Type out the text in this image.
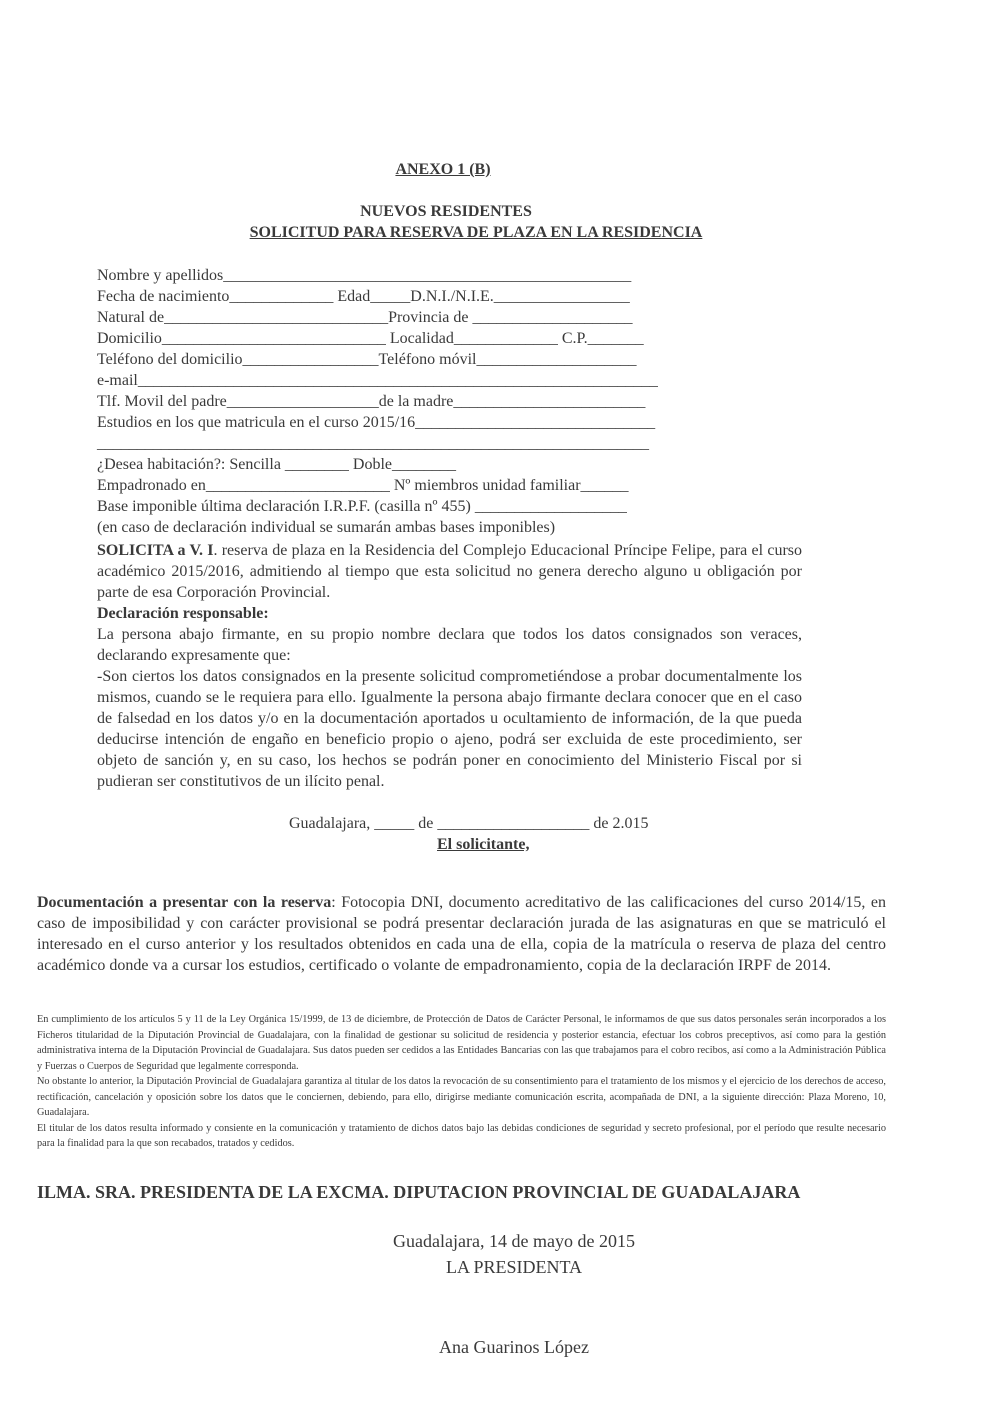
ANEXO 1 (B)

NUEVOS RESIDENTES

SOLICITUD PARA RESERVA DE PLAZA EN LA RESIDENCIA

Nombre y apellidos___________________________________________________

Fecha de nacimiento_____________ Edad_____D.N.I./N.I.E._________________

Natural de____________________________Provincia de ____________________

Domicilio____________________________ Localidad_____________ C.P._______

Teléfono del domicilio_________________Teléfono móvil____________________

e-mail_________________________________________________________________

Tlf. Movil del padre___________________de la madre________________________

Estudios en los que matricula en el curso 2015/16______________________________

_____________________________________________________________________

¿Desea habitación?: Sencilla ________ Doble________

Empadronado en_______________________ Nº miembros unidad familiar______

Base imponible última declaración I.R.P.F. (casilla nº 455) ___________________

(en caso de declaración individual se sumarán ambas bases imponibles)

SOLICITA a V. I. reserva de plaza en la Residencia del Complejo Educacional Príncipe Felipe, para el curso académico 2015/2016, admitiendo al tiempo que esta solicitud no genera derecho alguno u obligación por parte de esa Corporación Provincial.

Declaración responsable:

La persona abajo firmante, en su propio nombre declara que todos los datos consignados son veraces, declarando expresamente que:

-Son ciertos los datos consignados en la presente solicitud comprometiéndose a probar documentalmente los mismos, cuando se le requiera para ello. Igualmente la persona abajo firmante declara conocer que en el caso de falsedad en los datos y/o en la documentación aportados u ocultamiento de información, de la que pueda deducirse intención de engaño en beneficio propio o ajeno, podrá ser excluida de este procedimiento, ser objeto de sanción y, en su caso, los hechos se podrán poner en conocimiento del Ministerio Fiscal por si pudieran ser constitutivos de un ilícito penal.

Guadalajara, _____ de ___________________ de 2.015

El solicitante,

Documentación a presentar con la reserva: Fotocopia DNI, documento acreditativo de las calificaciones del curso 2014/15, en caso de imposibilidad y con carácter provisional se podrá presentar declaración jurada de las asignaturas en que se matriculó el interesado en el curso anterior y los resultados obtenidos en cada una de ella, copia de la matrícula o reserva de plaza del centro académico donde va a cursar los estudios, certificado o volante de empadronamiento, copia de la declaración IRPF de 2014.

En cumplimiento de los artículos 5 y 11 de la Ley Orgánica 15/1999, de 13 de diciembre, de Protección de Datos de Carácter Personal, le informamos de que sus datos personales serán incorporados a los Ficheros titularidad de la Diputación Provincial de Guadalajara, con la finalidad de gestionar su solicitud de residencia y posterior estancia, efectuar los cobros preceptivos, así como para la gestión administrativa interna de la Diputación Provincial de Guadalajara. Sus datos pueden ser cedidos a las Entidades Bancarias con las que trabajamos para el cobro recibos, así como a la Administración Pública y Fuerzas o Cuerpos de Seguridad que legalmente corresponda.
No obstante lo anterior, la Diputación Provincial de Guadalajara garantiza al titular de los datos la revocación de su consentimiento para el tratamiento de los mismos y el ejercicio de los derechos de acceso, rectificación, cancelación y oposición sobre los datos que le conciernen, debiendo, para ello, dirigirse mediante comunicación escrita, acompañada de DNI, a la siguiente dirección: Plaza Moreno, 10, Guadalajara.
El titular de los datos resulta informado y consiente en la comunicación y tratamiento de dichos datos bajo las debidas condiciones de seguridad y secreto profesional, por el período que resulte necesario para la finalidad para la que son recabados, tratados y cedidos.

ILMA. SRA. PRESIDENTA DE LA EXCMA. DIPUTACION PROVINCIAL DE GUADALAJARA

Guadalajara, 14 de mayo de 2015

LA PRESIDENTA

Ana Guarinos López
